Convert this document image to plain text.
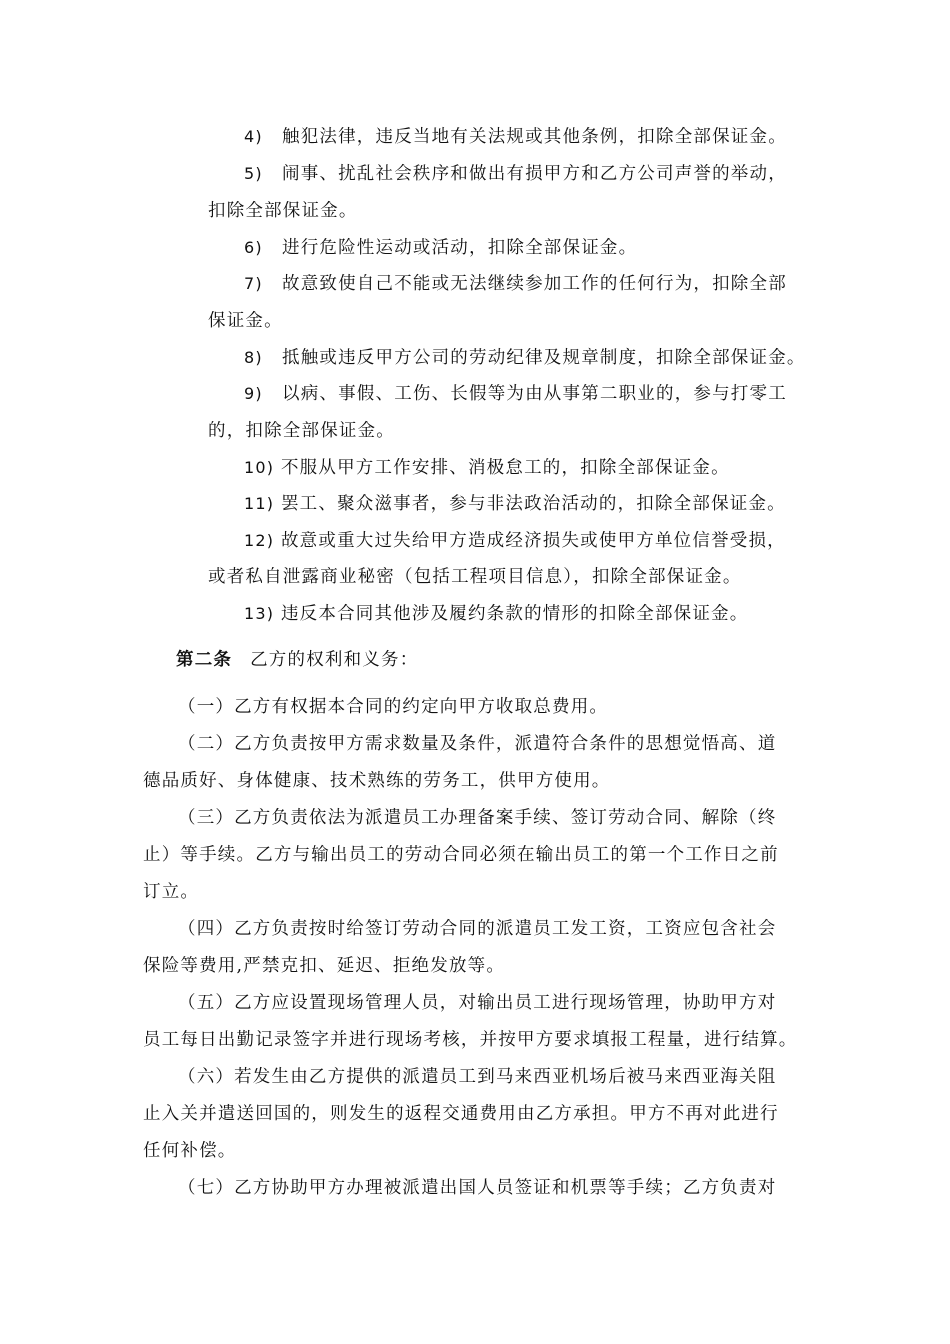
4) 触犯法律，违反当地有关法规或其他条例，扣除全部保证金。
5) 闹事、扰乱社会秩序和做出有损甲方和乙方公司声誉的举动，
扣除全部保证金。
6) 进行危险性运动或活动，扣除全部保证金。
7) 故意致使自己不能或无法继续参加工作的任何行为，扣除全部
保证金。
8) 抵触或违反甲方公司的劳动纪律及规章制度，扣除全部保证金。
9) 以病、事假、工伤、长假等为由从事第二职业的，参与打零工
的，扣除全部保证金。
10) 不服从甲方工作安排、消极怠工的，扣除全部保证金。
11) 罢工、聚众滋事者，参与非法政治活动的，扣除全部保证金。
12) 故意或重大过失给甲方造成经济损失或使甲方单位信誉受损，
或者私自泄露商业秘密（包括工程项目信息），扣除全部保证金。
13) 违反本合同其他涉及履约条款的情形的扣除全部保证金。
第二条 乙方的权利和义务：
（一）乙方有权据本合同的约定向甲方收取总费用。
（二）乙方负责按甲方需求数量及条件，派遣符合条件的思想觉悟高、道
德品质好、身体健康、技术熟练的劳务工，供甲方使用。
（三）乙方负责依法为派遣员工办理备案手续、签订劳动合同、解除（终
止）等手续。乙方与输出员工的劳动合同必须在输出员工的第一个工作日之前
订立。
（四）乙方负责按时给签订劳动合同的派遣员工发工资，工资应包含社会
保险等费用,严禁克扣、延迟、拒绝发放等。
（五）乙方应设置现场管理人员，对输出员工进行现场管理，协助甲方对
员工每日出勤记录签字并进行现场考核，并按甲方要求填报工程量，进行结算。
（六）若发生由乙方提供的派遣员工到马来西亚机场后被马来西亚海关阻
止入关并遣送回国的，则发生的返程交通费用由乙方承担。甲方不再对此进行
任何补偿。
（七）乙方协助甲方办理被派遣出国人员签证和机票等手续；乙方负责对
